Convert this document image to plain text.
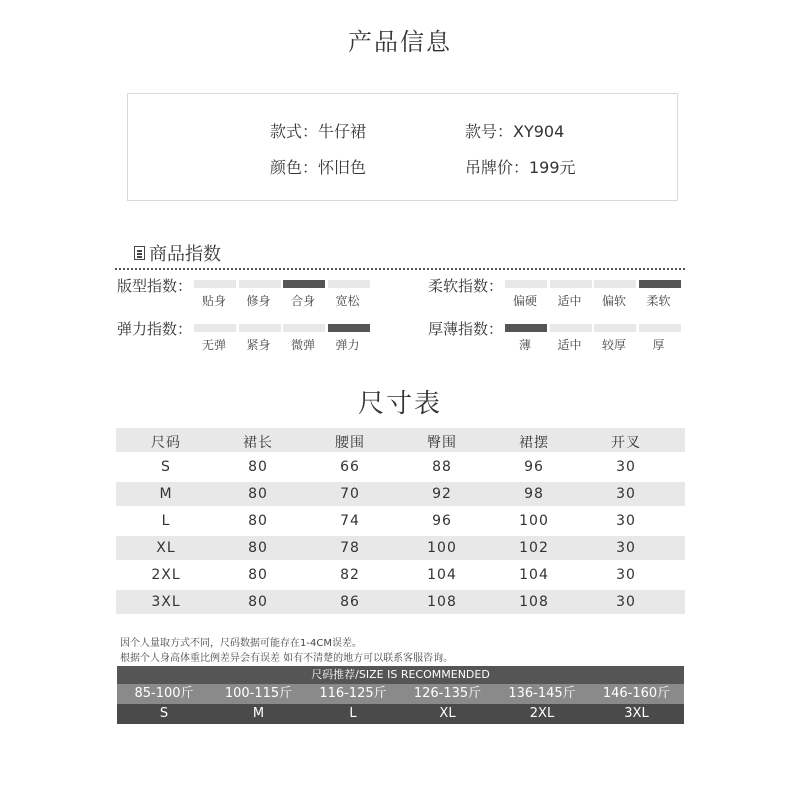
产品信息
款式：牛仔裙	款号：XY904
颜色：怀旧色	吊牌价：199元
商品指数
版型指数：
贴身	修身	合身	宽松
柔软指数：
偏硬	适中	偏软	柔软
弹力指数：
无弹	紧身	微弹	弹力
厚薄指数：
薄	适中	较厚	厚
尺寸表
尺码	裙长	腰围	臀围	裙摆	开叉
S	80	66	88	96	30
M	80	70	92	98	30
L	80	74	96	100	30
XL	80	78	100	102	30
2XL	80	82	104	104	30
3XL	80	86	108	108	30
因个人量取方式不同，尺码数据可能存在1-4CM误差。
根据个人身高体重比例差异会有误差 如有不清楚的地方可以联系客服咨询。
尺码推荐/SIZE IS RECOMMENDED
85-100斤	100-115斤	116-125斤	126-135斤	136-145斤	146-160斤
S	M	L	XL	2XL	3XL
